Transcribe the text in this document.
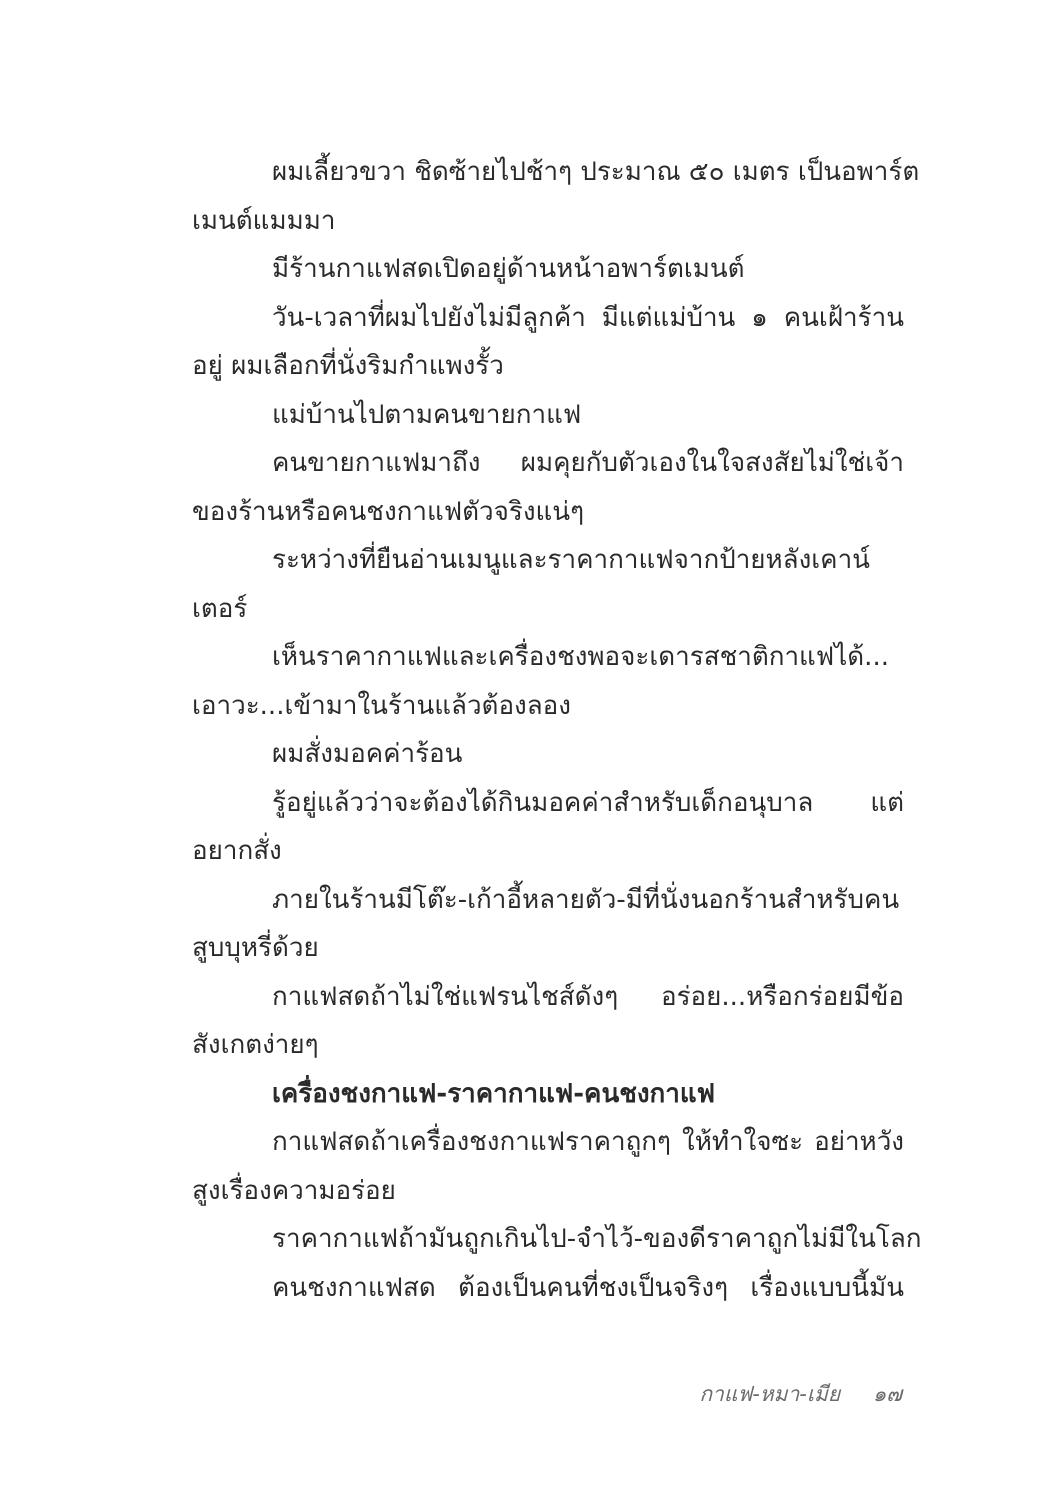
ผมเลี้ยวขวา ชิดซ้ายไปช้าๆ ประมาณ ๕๐ เมตร เป็นอพาร์ต
เมนต์แมมมา
มีร้านกาแฟสดเปิดอยู่ด้านหน้าอพาร์ตเมนต์
วัน-เวลาที่ผมไปยังไม่มีลูกค้า มีแต่แม่บ้าน ๑ คนเฝ้าร้าน
อยู่ ผมเลือกที่นั่งริมกำแพงรั้ว
แม่บ้านไปตามคนขายกาแฟ
คนขายกาแฟมาถึง ผมคุยกับตัวเองในใจสงสัยไม่ใช่เจ้า
ของร้านหรือคนชงกาแฟตัวจริงแน่ๆ
ระหว่างที่ยืนอ่านเมนูและราคากาแฟจากป้ายหลังเคาน์
เตอร์
เห็นราคากาแฟและเครื่องชงพอจะเดารสชาติกาแฟได้...
เอาวะ...เข้ามาในร้านแล้วต้องลอง
ผมสั่งมอคค่าร้อน
รู้อยู่แล้วว่าจะต้องได้กินมอคค่าสำหรับเด็กอนุบาล แต่
อยากสั่ง
ภายในร้านมีโต๊ะ-เก้าอี้หลายตัว-มีที่นั่งนอกร้านสำหรับคน
สูบบุหรี่ด้วย
กาแฟสดถ้าไม่ใช่แฟรนไชส์ดังๆ อร่อย...หรือกร่อยมีข้อ
สังเกตง่ายๆ
เครื่องชงกาแฟ-ราคากาแฟ-คนชงกาแฟ
กาแฟสดถ้าเครื่องชงกาแฟราคาถูกๆ ให้ทำใจซะ อย่าหวัง
สูงเรื่องความอร่อย
ราคากาแฟถ้ามันถูกเกินไป-จำไว้-ของดีราคาถูกไม่มีในโลก
คนชงกาแฟสด ต้องเป็นคนที่ชงเป็นจริงๆ เรื่องแบบนี้มัน
กาแฟ-หมา-เมีย ๑๗
